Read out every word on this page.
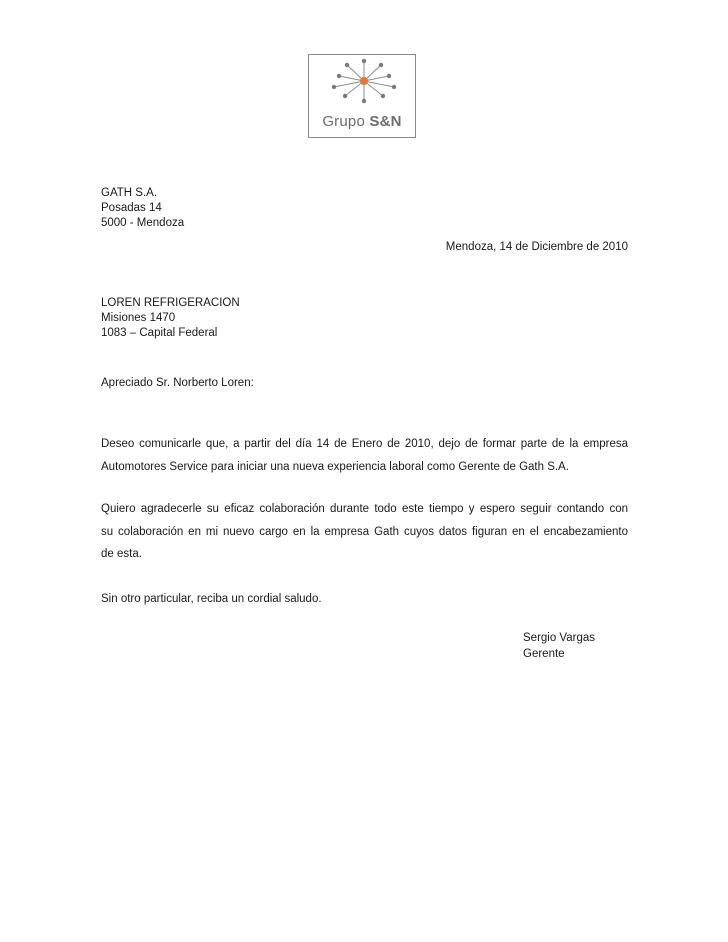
Grupo S&N
GATH S.A.
Posadas 14
5000 - Mendoza
Mendoza, 14 de Diciembre de 2010
LOREN REFRIGERACION
Misiones 1470
1083 – Capital Federal
Apreciado Sr. Norberto Loren:
Deseo comunicarle que, a partir del día 14 de Enero de 2010, dejo de formar parte de la empresa
Automotores Service para iniciar una nueva experiencia laboral como Gerente de Gath S.A.
Quiero agradecerle su eficaz colaboración durante todo este tiempo y espero seguir contando con
su colaboración en mi nuevo cargo en la empresa Gath cuyos datos figuran en el encabezamiento
de esta.
Sin otro particular, reciba un cordial saludo.
Sergio Vargas
Gerente
